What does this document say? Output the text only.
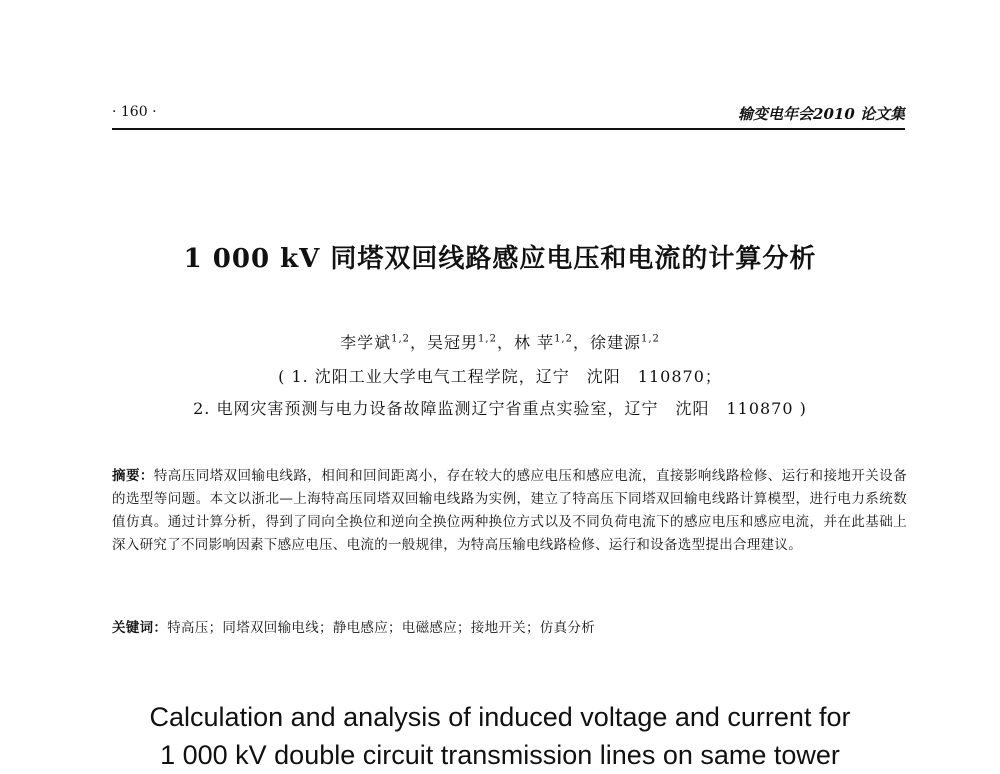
· 160 ·	输变电年会2010 论文集
1 000 kV 同塔双回线路感应电压和电流的计算分析
李学斌$^{1,2}$，吴冠男$^{1,2}$，林 苹$^{1,2}$，徐建源$^{1,2}$
( 1. 沈阳工业大学电气工程学院，辽宁　沈阳　110870；
2. 电网灾害预测与电力设备故障监测辽宁省重点实验室，辽宁　沈阳　110870 )
摘要：特高压同塔双回输电线路，相间和回间距离小，存在较大的感应电压和感应电流，直接影响线路检修、运行和接地开关设备的选型等问题。本文以浙北—上海特高压同塔双回输电线路为实例，建立了特高压下同塔双回输电线路计算模型，进行电力系统数值仿真。通过计算分析，得到了同向全换位和逆向全换位两种换位方式以及不同负荷电流下的感应电压和感应电流，并在此基础上深入研究了不同影响因素下感应电压、电流的一般规律，为特高压输电线路检修、运行和设备选型提出合理建议。
关键词：特高压；同塔双回输电线；静电感应；电磁感应；接地开关；仿真分析
Calculation and analysis of induced voltage and current for
1 000 kV double circuit transmission lines on same tower
